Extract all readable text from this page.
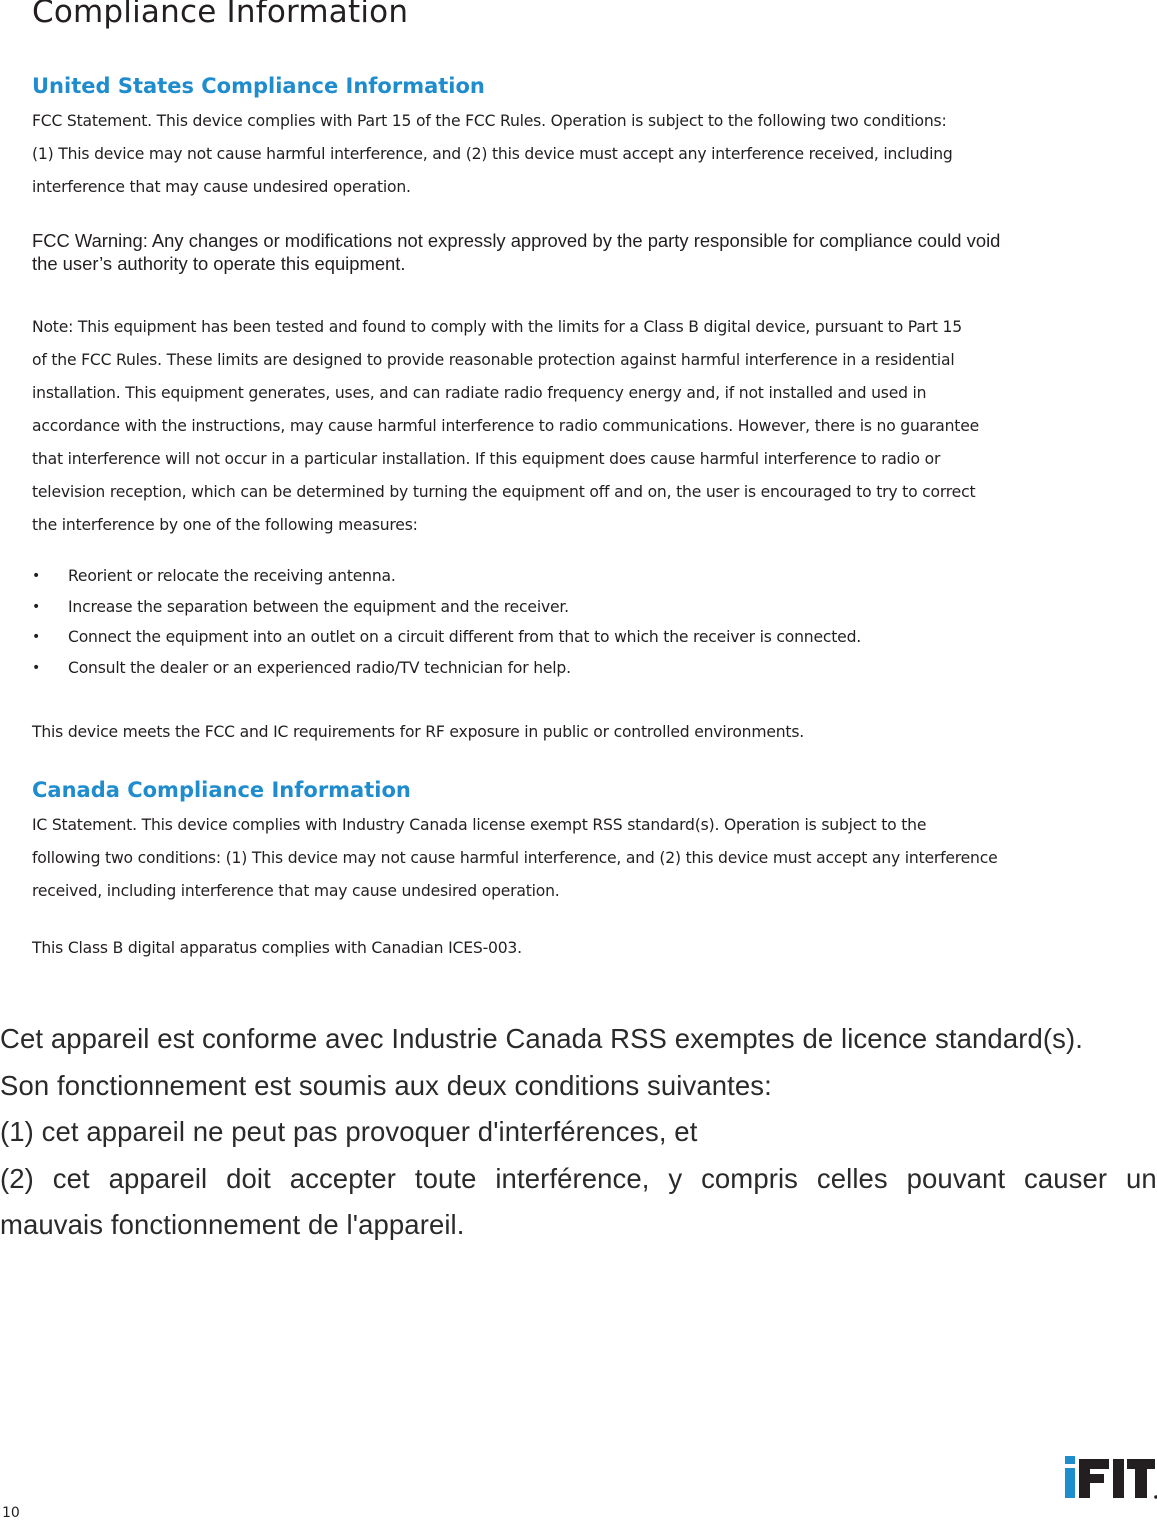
Compliance Information
United States Compliance Information

FCC Statement. This device complies with Part 15 of the FCC Rules. Operation is subject to the following two conditions:
(1) This device may not cause harmful interference, and (2) this device must accept any interference received, including
interference that may cause undesired operation.

FCC Warning: Any changes or modifications not expressly approved by the party responsible for compliance could void
the user’s authority to operate this equipment.

Note: This equipment has been tested and found to comply with the limits for a Class B digital device, pursuant to Part 15
of the FCC Rules. These limits are designed to provide reasonable protection against harmful interference in a residential
installation. This equipment generates, uses, and can radiate radio frequency energy and, if not installed and used in
accordance with the instructions, may cause harmful interference to radio communications. However, there is no guarantee
that interference will not occur in a particular installation. If this equipment does cause harmful interference to radio or
television reception, which can be determined by turning the equipment off and on, the user is encouraged to try to correct
the interference by one of the following measures:

• Reorient or relocate the receiving antenna.
• Increase the separation between the equipment and the receiver.
• Connect the equipment into an outlet on a circuit different from that to which the receiver is connected.
• Consult the dealer or an experienced radio/TV technician for help.

This device meets the FCC and IC requirements for RF exposure in public or controlled environments.

Canada Compliance Information

IC Statement. This device complies with Industry Canada license exempt RSS standard(s). Operation is subject to the
following two conditions: (1) This device may not cause harmful interference, and (2) this device must accept any interference
received, including interference that may cause undesired operation.

This Class B digital apparatus complies with Canadian ICES-003.

Cet appareil est conforme avec Industrie Canada RSS exemptes de licence standard(s).
Son fonctionnement est soumis aux deux conditions suivantes:
(1) cet appareil ne peut pas provoquer d'interférences, et
(2) cet appareil doit accepter toute interférence, y compris celles pouvant causer un
mauvais fonctionnement de l'appareil.
10
